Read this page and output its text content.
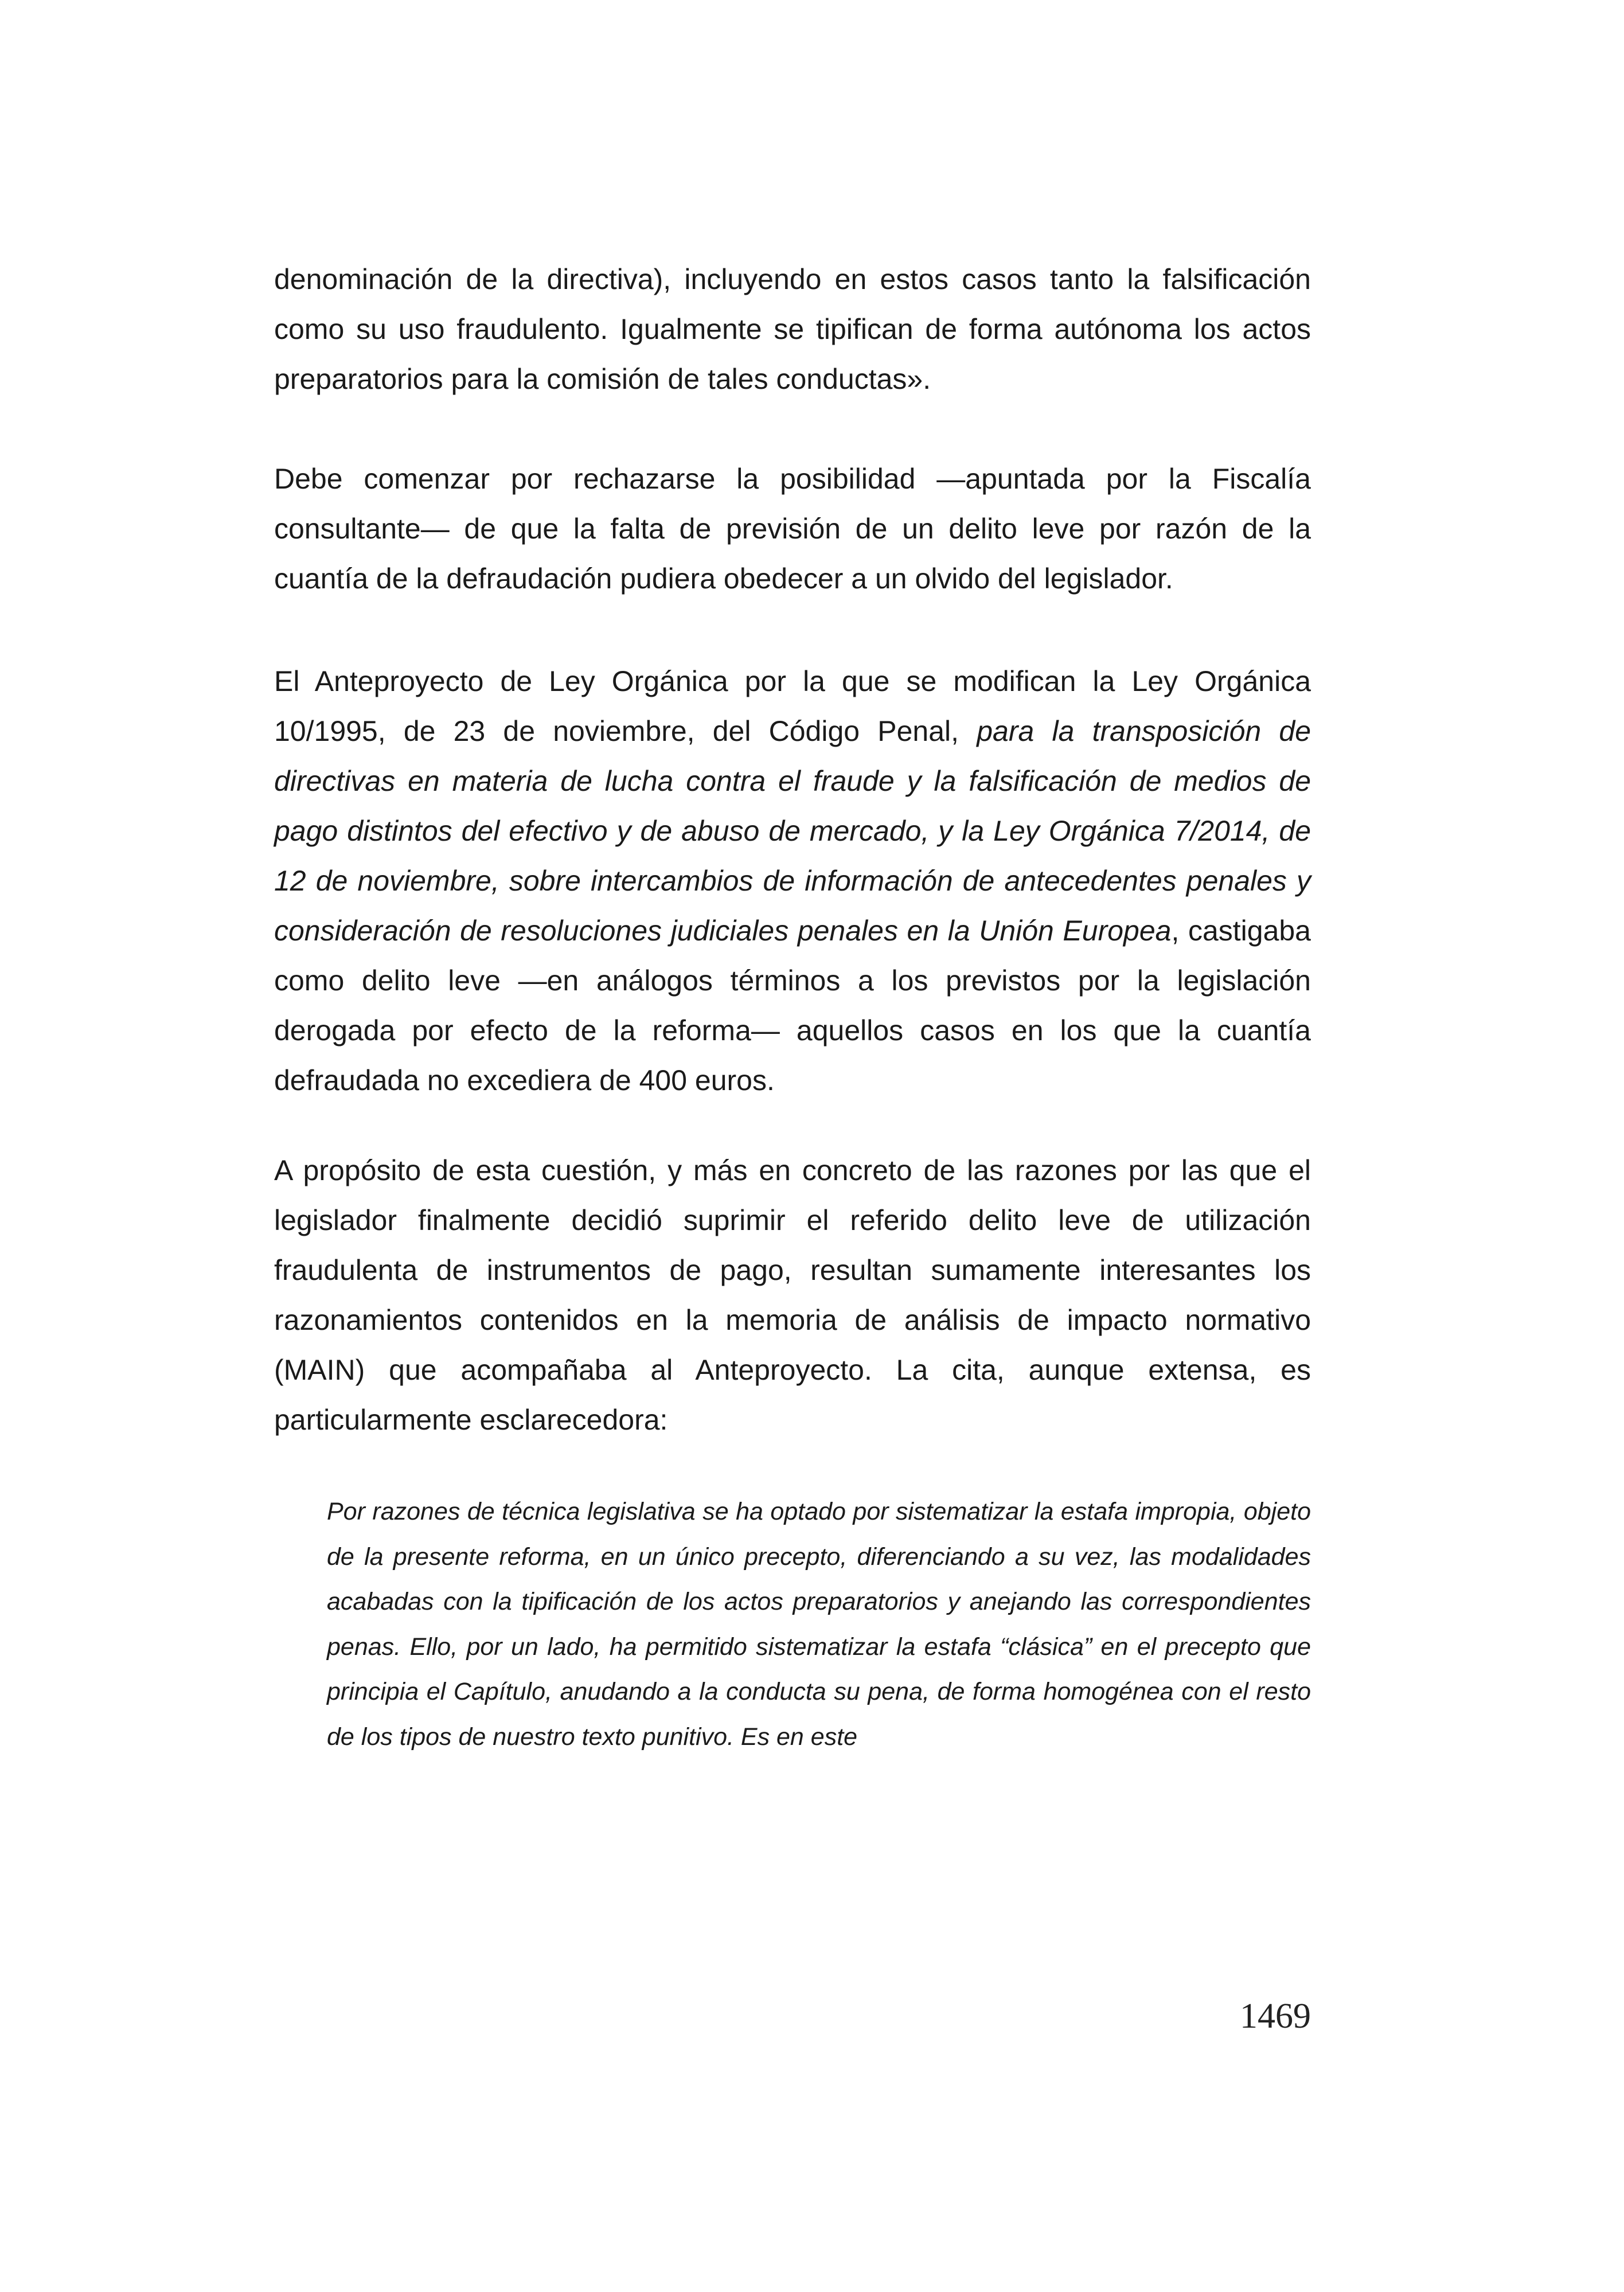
denominación de la directiva), incluyendo en estos casos tanto la falsificación como su uso fraudulento. Igualmente se tipifican de forma autónoma los actos preparatorios para la comisión de tales conductas».

Debe comenzar por rechazarse la posibilidad —apuntada por la Fiscalía consultante— de que la falta de previsión de un delito leve por razón de la cuantía de la defraudación pudiera obedecer a un olvido del legislador.

El Anteproyecto de Ley Orgánica por la que se modifican la Ley Orgánica 10/1995, de 23 de noviembre, del Código Penal, para la transposición de directivas en materia de lucha contra el fraude y la falsificación de medios de pago distintos del efectivo y de abuso de mercado, y la Ley Orgánica 7/2014, de 12 de noviembre, sobre intercambios de información de antecedentes penales y consideración de resoluciones judiciales penales en la Unión Europea, castigaba como delito leve —en análogos términos a los previstos por la legislación derogada por efecto de la reforma— aquellos casos en los que la cuantía defraudada no excediera de 400 euros.

A propósito de esta cuestión, y más en concreto de las razones por las que el legislador finalmente decidió suprimir el referido delito leve de utilización fraudulenta de instrumentos de pago, resultan sumamente interesantes los razonamientos contenidos en la memoria de análisis de impacto normativo (MAIN) que acompañaba al Anteproyecto. La cita, aunque extensa, es particularmente esclarecedora:

Por razones de técnica legislativa se ha optado por sistematizar la estafa impropia, objeto de la presente reforma, en un único precepto, diferenciando a su vez, las modalidades acabadas con la tipificación de los actos preparatorios y anejando las correspondientes penas. Ello, por un lado, ha permitido sistematizar la estafa “clásica” en el precepto que principia el Capítulo, anudando a la conducta su pena, de forma homogénea con el resto de los tipos de nuestro texto punitivo. Es en este

1469
